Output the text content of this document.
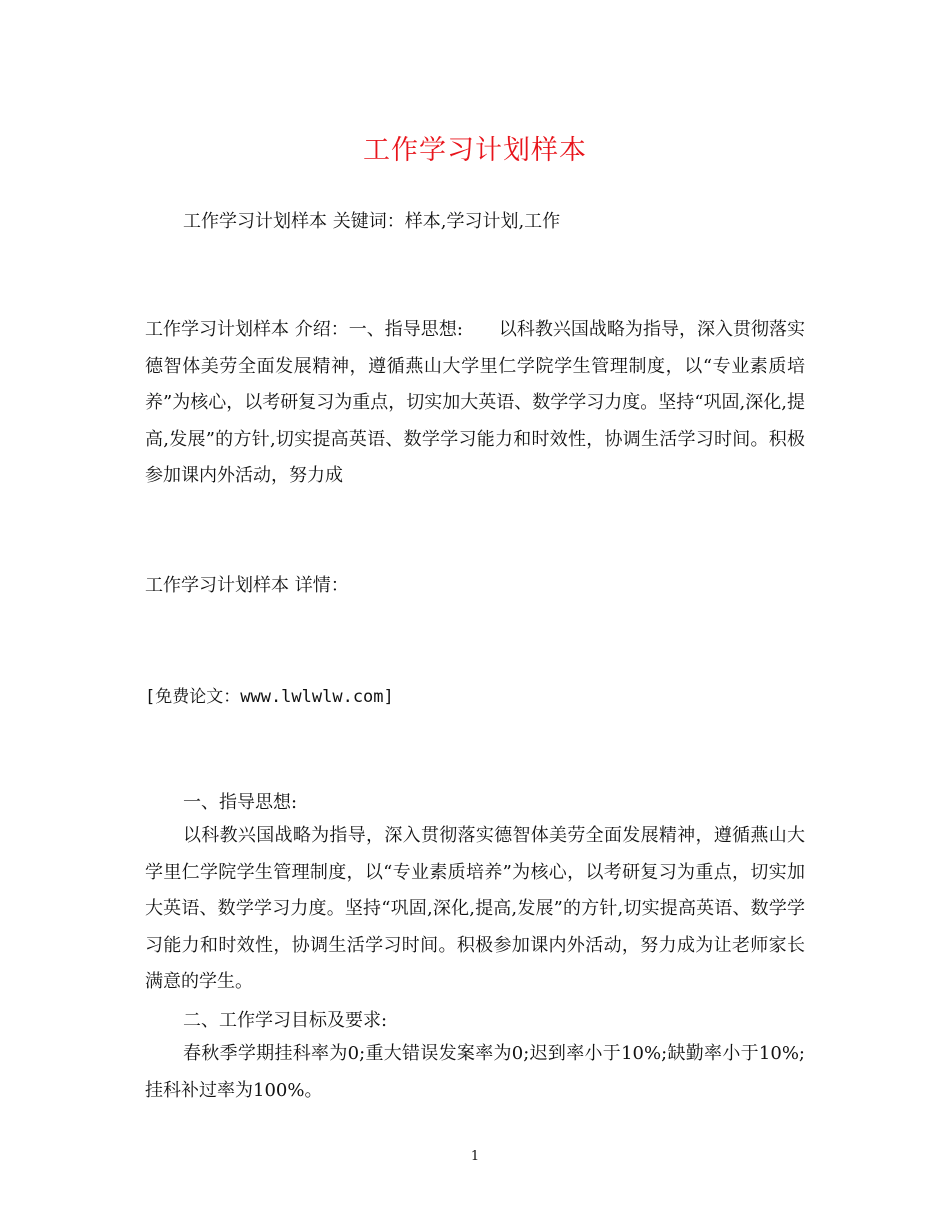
工作学习计划样本
工作学习计划样本 关键词：样本,学习计划,工作
工作学习计划样本 介绍：一、指导思想:　　以科教兴国战略为指导，深入贯彻落实德智体美劳全面发展精神，遵循燕山大学里仁学院学生管理制度，以“专业素质培养”为核心，以考研复习为重点，切实加大英语、数学学习力度。坚持“巩固,深化,提高,发展”的方针,切实提高英语、数学学习能力和时效性，协调生活学习时间。积极参加课内外活动，努力成
工作学习计划样本 详情：
[免费论文：www.lwlwlw.com]
一、指导思想:
以科教兴国战略为指导，深入贯彻落实德智体美劳全面发展精神，遵循燕山大学里仁学院学生管理制度，以“专业素质培养”为核心，以考研复习为重点，切实加大英语、数学学习力度。坚持“巩固,深化,提高,发展”的方针,切实提高英语、数学学习能力和时效性，协调生活学习时间。积极参加课内外活动，努力成为让老师家长满意的学生。
二、工作学习目标及要求:
春秋季学期挂科率为0;重大错误发案率为0;迟到率小于10%;缺勤率小于10%;挂科补过率为100%。
1
